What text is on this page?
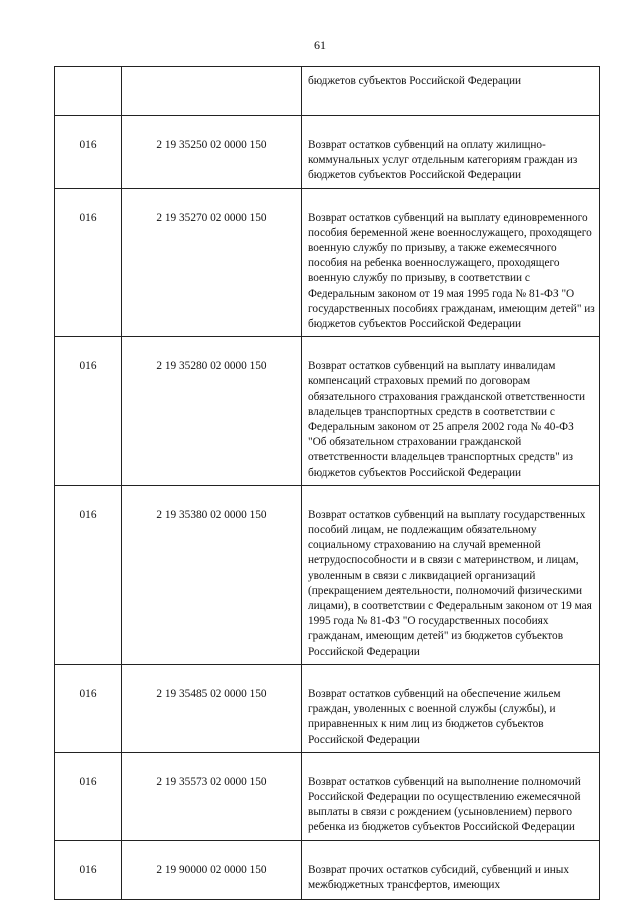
61
		бюджетов субъектов Российской Федерации
016	2 19 35250 02 0000 150	Возврат остатков субвенций на оплату жилищно-коммунальных услуг отдельным категориям граждан из бюджетов субъектов Российской Федерации
016	2 19 35270 02 0000 150	Возврат остатков субвенций на выплату единовременного пособия беременной жене военнослужащего, проходящего военную службу по призыву, а также ежемесячного пособия на ребенка военнослужащего, проходящего военную службу по призыву, в соответствии с Федеральным законом от 19 мая 1995 года № 81-ФЗ "О государственных пособиях гражданам, имеющим детей" из бюджетов субъектов Российской Федерации
016	2 19 35280 02 0000 150	Возврат остатков субвенций на выплату инвалидам компенсаций страховых премий по договорам обязательного страхования гражданской ответственности владельцев транспортных средств в соответствии с Федеральным законом от 25 апреля 2002 года № 40-ФЗ "Об обязательном страховании гражданской ответственности владельцев транспортных средств" из бюджетов субъектов Российской Федерации
016	2 19 35380 02 0000 150	Возврат остатков субвенций на выплату государственных пособий лицам, не подлежащим обязательному социальному страхованию на случай временной нетрудоспособности и в связи с материнством, и лицам, уволенным в связи с ликвидацией организаций (прекращением деятельности, полномочий физическими лицами), в соответствии с Федеральным законом от 19 мая 1995 года № 81-ФЗ "О государственных пособиях гражданам, имеющим детей" из бюджетов субъектов Российской Федерации
016	2 19 35485 02 0000 150	Возврат остатков субвенций на обеспечение жильем граждан, уволенных с военной службы (службы), и приравненных к ним лиц из бюджетов субъектов Российской Федерации
016	2 19 35573 02 0000 150	Возврат остатков субвенций на выполнение полномочий Российской Федерации по осуществлению ежемесячной выплаты в связи с рождением (усыновлением) первого ребенка из бюджетов субъектов Российской Федерации
016	2 19 90000 02 0000 150	Возврат прочих остатков субсидий, субвенций и иных межбюджетных трансфертов, имеющих
